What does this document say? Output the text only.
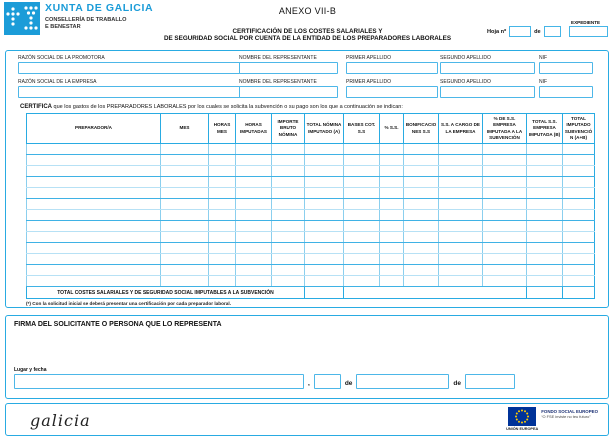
XUNTA DE GALICIA
CONSELLERÍA DE TRABALLO
E BENESTAR
ANEXO VII-B
CERTIFICACIÓN DE LOS COSTES SALARIALES Y
DE SEGURIDAD SOCIAL POR CUENTA DE LA ENTIDAD DE LOS PREPARADORES LABORALES
Hoja nº	de
EXPEDIENTE
RAZÓN SOCIAL DE LA PROMOTORA	NOMBRE DEL REPRESENTANTE	PRIMER APELLIDO	SEGUNDO APELLIDO	NIF
RAZÓN SOCIAL DE LA EMPRESA	NOMBRE DEL REPRESENTANTE	PRIMER APELLIDO	SEGUNDO APELLIDO	NIF
CERTIFICA que los gastos de los PREPARADORES LABORALES por los cuales se solicita la subvención o su pago son los que a continuación se indican:
PREPARADOR/A	MES	HORAS MES	HORAS IMPUTADAS	IMPORTE BRUTO NÓMINA	TOTAL NÓMINA IMPUTADO (A)	BASES COT. S.S	% S.S.	BONIFICACIONES S.S	S.S. A CARGO DE LA EMPRESA	% DE S.S. EMPRESA IMPUTADA A LA SUBVENCIÓN	TOTAL S.S. EMPRESA IMPUTADA (B)	TOTAL IMPUTADO SUBVENCIÓN (A+B)

TOTAL COSTES SALARIALES Y DE SEGURIDAD SOCIAL IMPUTABLES A LA SUBVENCIÓN												
(*) Con la solicitud inicial se deberá presentar una certificación por cada preparador laboral.
FIRMA DEL SOLICITANTE O PERSONA QUE LO REPRESENTA
Lugar y fecha
,	de	de
galicia	UNIÓN EUROPEA
FONDO SOCIAL EUROPEO
“O FSE inviste no teu futuro”
